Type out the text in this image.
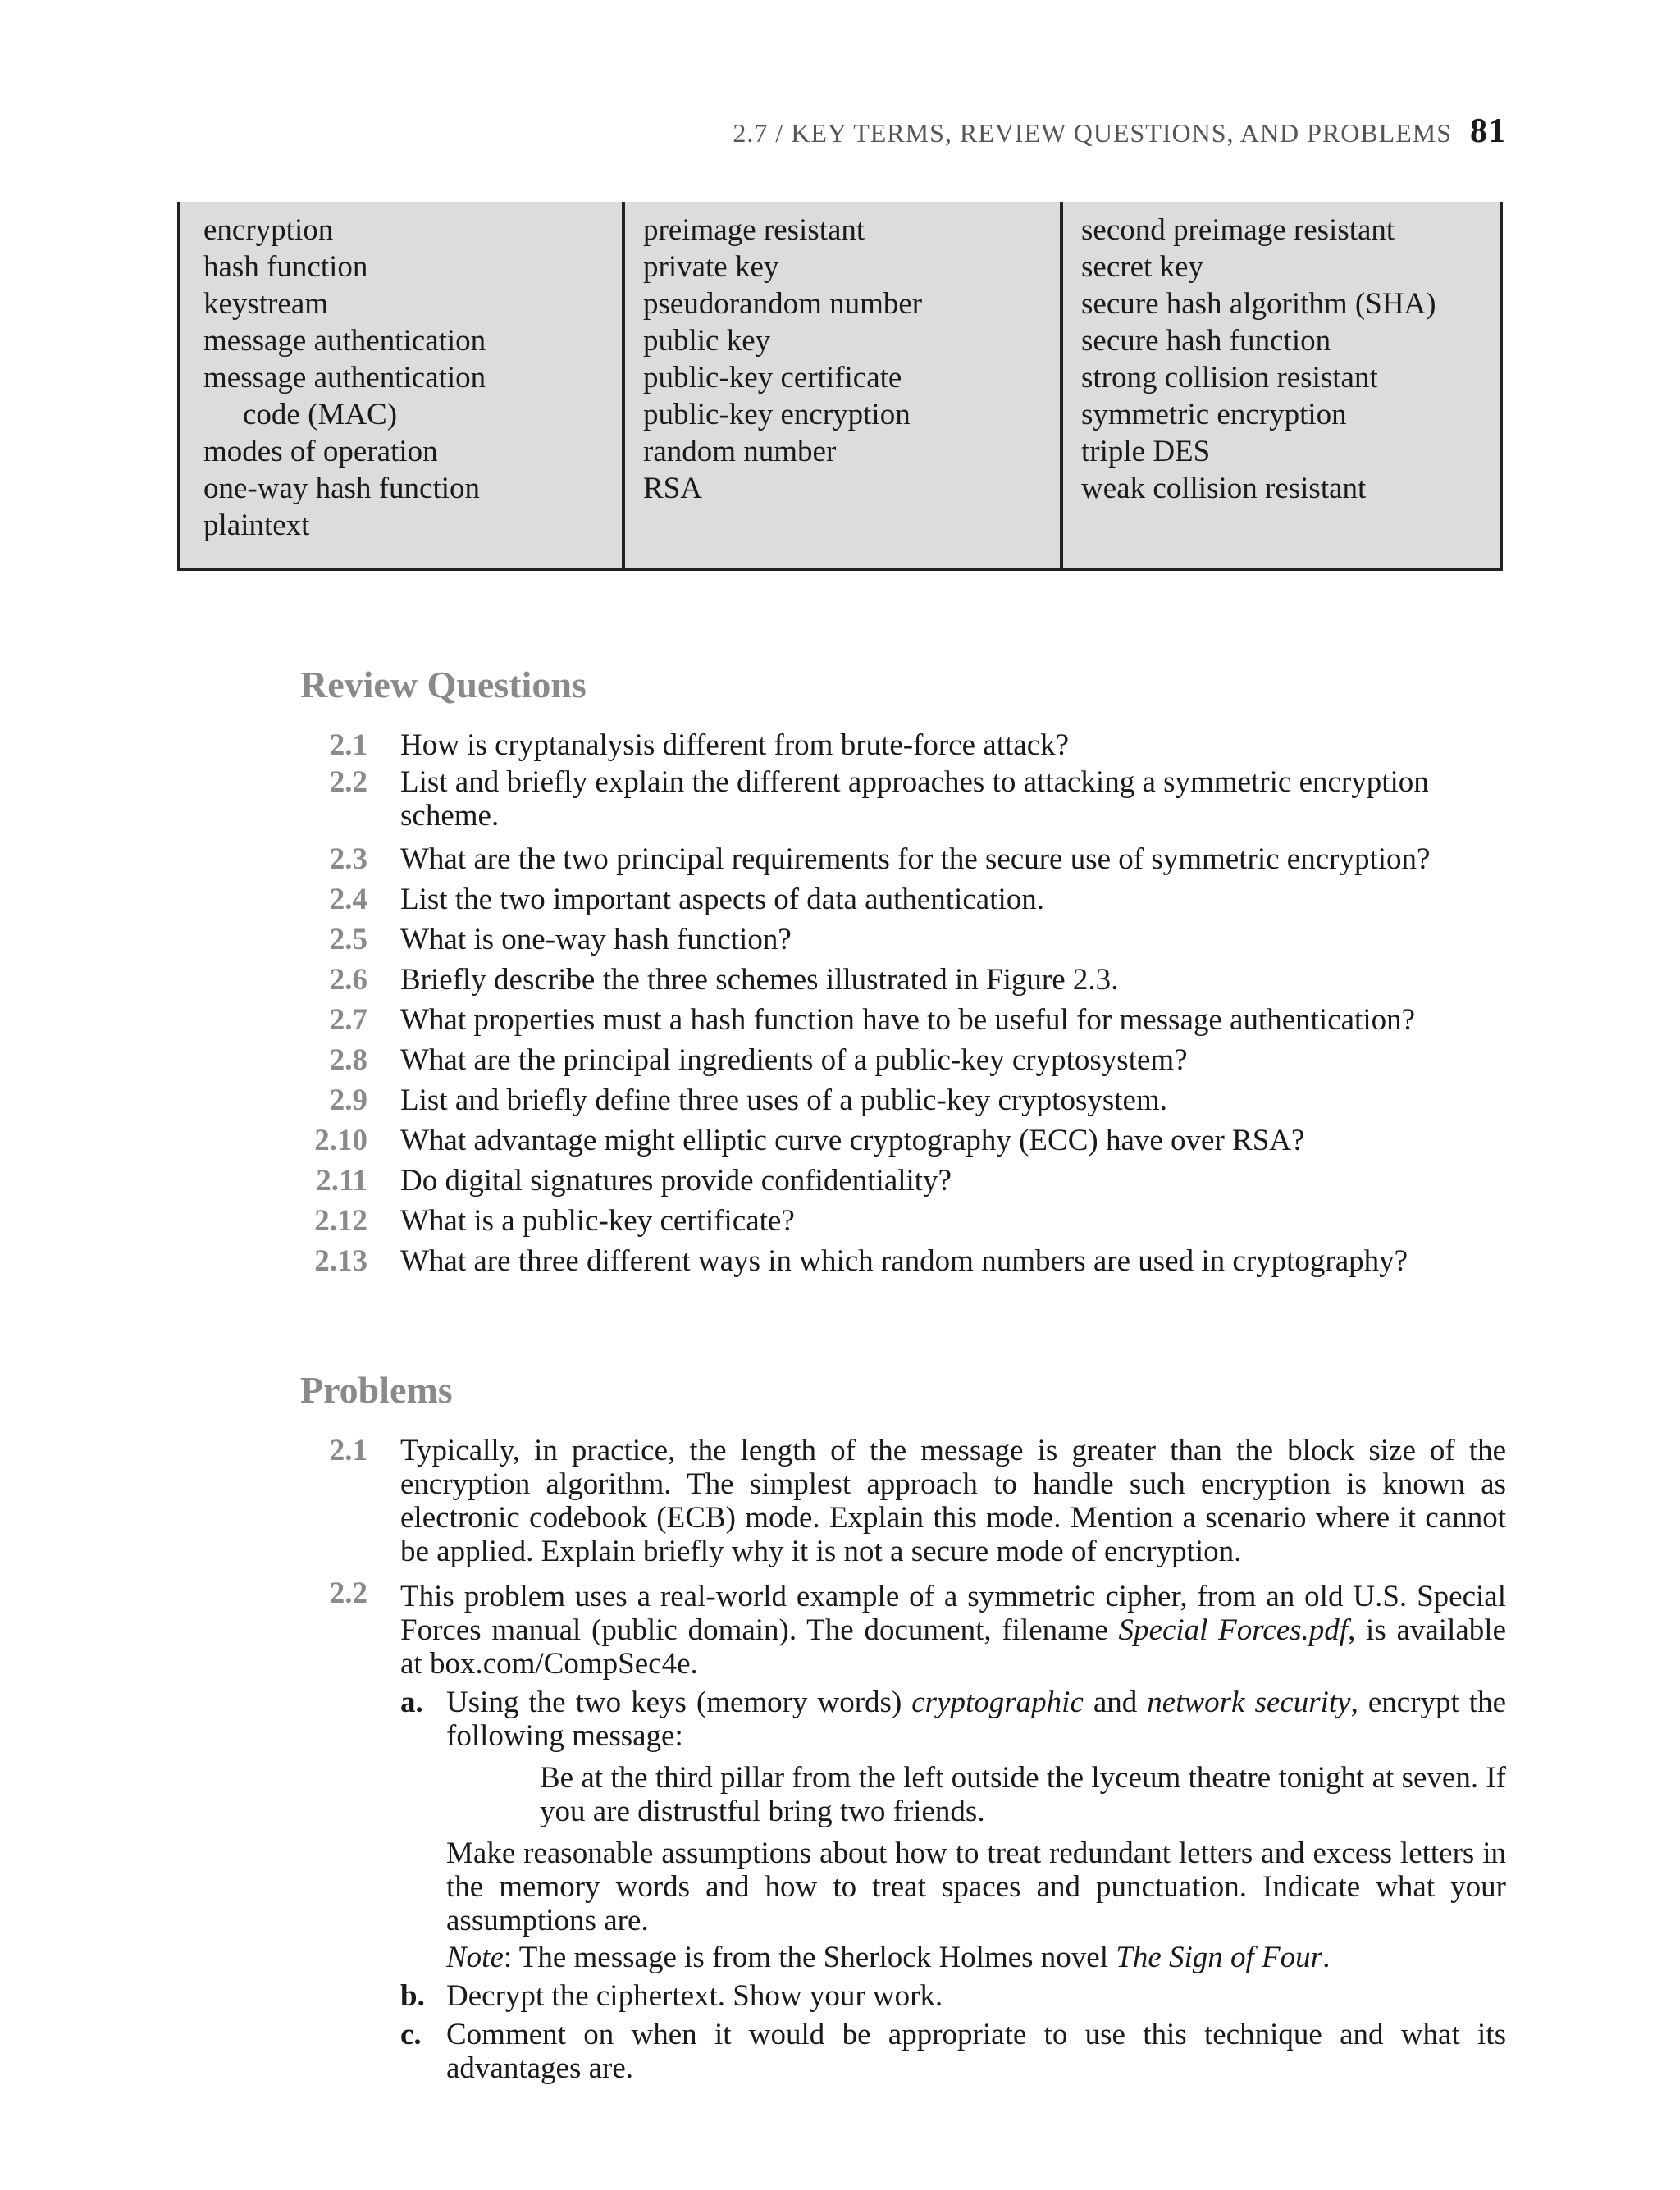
2.7 / KEY TERMS, REVIEW QUESTIONS, AND PROBLEMS 81
encryption
hash function
keystream
message authentication
message authentication
code (MAC)
modes of operation
one-way hash function
plaintext
preimage resistant
private key
pseudorandom number
public key
public-key certificate
public-key encryption
random number
RSA
second preimage resistant
secret key
secure hash algorithm (SHA)
secure hash function
strong collision resistant
symmetric encryption
triple DES
weak collision resistant
Review Questions
2.1 How is cryptanalysis different from brute-force attack?
2.2 List and briefly explain the different approaches to attacking a symmetric encryption scheme.
2.3 What are the two principal requirements for the secure use of symmetric encryption?
2.4 List the two important aspects of data authentication.
2.5 What is one-way hash function?
2.6 Briefly describe the three schemes illustrated in Figure 2.3.
2.7 What properties must a hash function have to be useful for message authentication?
2.8 What are the principal ingredients of a public-key cryptosystem?
2.9 List and briefly define three uses of a public-key cryptosystem.
2.10 What advantage might elliptic curve cryptography (ECC) have over RSA?
2.11 Do digital signatures provide confidentiality?
2.12 What is a public-key certificate?
2.13 What are three different ways in which random numbers are used in cryptography?
Problems
2.1 Typically, in practice, the length of the message is greater than the block size of the encryption algorithm. The simplest approach to handle such encryption is known as electronic codebook (ECB) mode. Explain this mode. Mention a scenario where it cannot be applied. Explain briefly why it is not a secure mode of encryption.
2.2 This problem uses a real-world example of a symmetric cipher, from an old U.S. Special Forces manual (public domain). The document, filename Special Forces.pdf, is available at box.com/CompSec4e.
a. Using the two keys (memory words) cryptographic and network security, encrypt the following message:
Be at the third pillar from the left outside the lyceum theatre tonight at seven. If you are distrustful bring two friends.
Make reasonable assumptions about how to treat redundant letters and excess letters in the memory words and how to treat spaces and punctuation. Indicate what your assumptions are.
Note: The message is from the Sherlock Holmes novel The Sign of Four.
b. Decrypt the ciphertext. Show your work.
c. Comment on when it would be appropriate to use this technique and what its advantages are.
